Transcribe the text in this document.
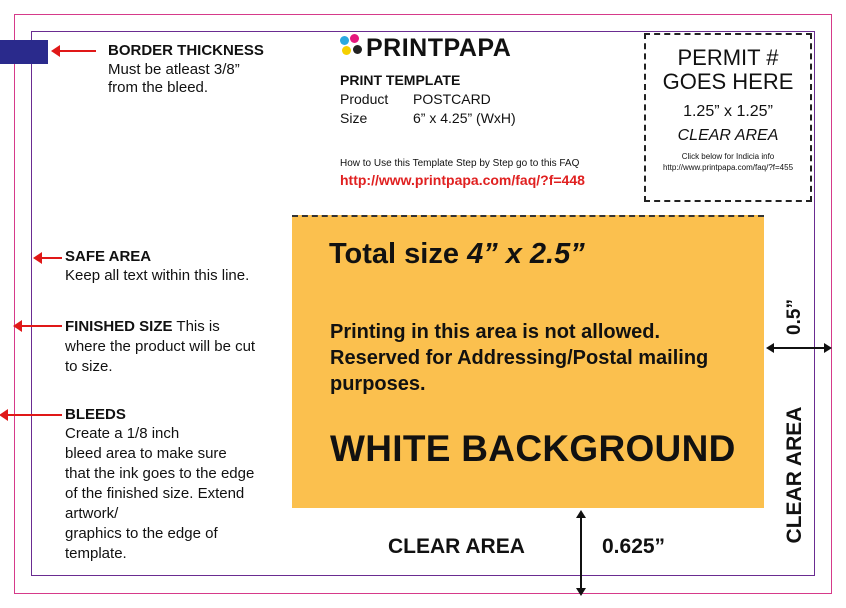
BORDER THICKNESS
Must be atleast 3/8”
from the bleed.
SAFE AREA
Keep all text within this line.
FINISHED SIZE This is
where the product will be cut
to size.
BLEEDS
Create a 1/8 inch
bleed area to make sure
that the ink goes to the edge
of the finished size. Extend
artwork/
graphics to the edge of
template.
PRINTPAPA
PRINT TEMPLATE
Product POSTCARD
Size	6” x 4.25” (WxH)
How to Use this Template Step by Step go to this FAQ
http://www.printpapa.com/faq/?f=448
PERMIT #
GOES HERE
1.25” x 1.25”
CLEAR AREA
Click below for Indicia info
http://www.printpapa.com/faq/?f=455
Total size 4” x 2.5”
Printing in this area is not allowed.
Reserved for Addressing/Postal mailing
purposes.
WHITE BACKGROUND
0.5”
CLEAR AREA
CLEAR AREA	0.625”
